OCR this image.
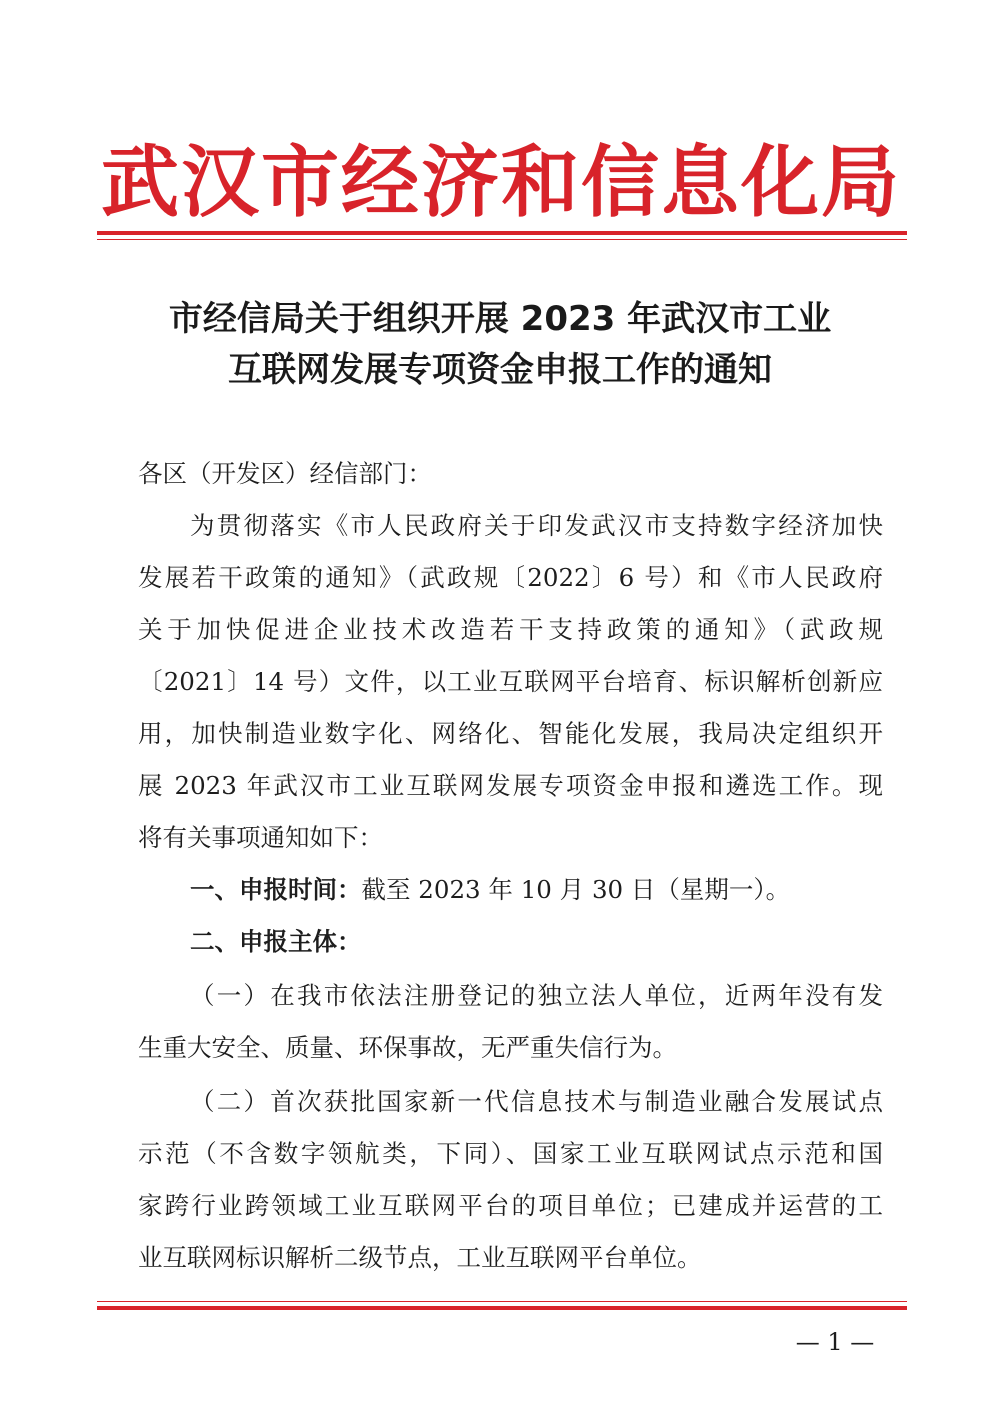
武 汉 市 经 济 和 信 息 化 局
市经信局关于组织开展 2023 年武汉市工业
互联网发展专项资金申报工作的通知
各区（开发区）经信部门：
为贯彻落实《市人民政府关于印发武汉市支持数字经济加快
发展若干政策的通知》（武政规〔2022〕6 号）和《市人民政府
关于加快促进企业技术改造若干支持政策的通知》（武政规
〔2021〕14 号）文件，以工业互联网平台培育、标识解析创新应
用，加快制造业数字化、网络化、智能化发展，我局决定组织开
展 2023 年武汉市工业互联网发展专项资金申报和遴选工作。现
将有关事项通知如下：
一、申报时间：截至 2023 年 10 月 30 日（星期一）。
二、申报主体：
（一）在我市依法注册登记的独立法人单位，近两年没有发
生重大安全、质量、环保事故，无严重失信行为。
（二）首次获批国家新一代信息技术与制造业融合发展试点
示范（不含数字领航类，下同）、国家工业互联网试点示范和国
家跨行业跨领域工业互联网平台的项目单位；已建成并运营的工
业互联网标识解析二级节点，工业互联网平台单位。
— 1 —
